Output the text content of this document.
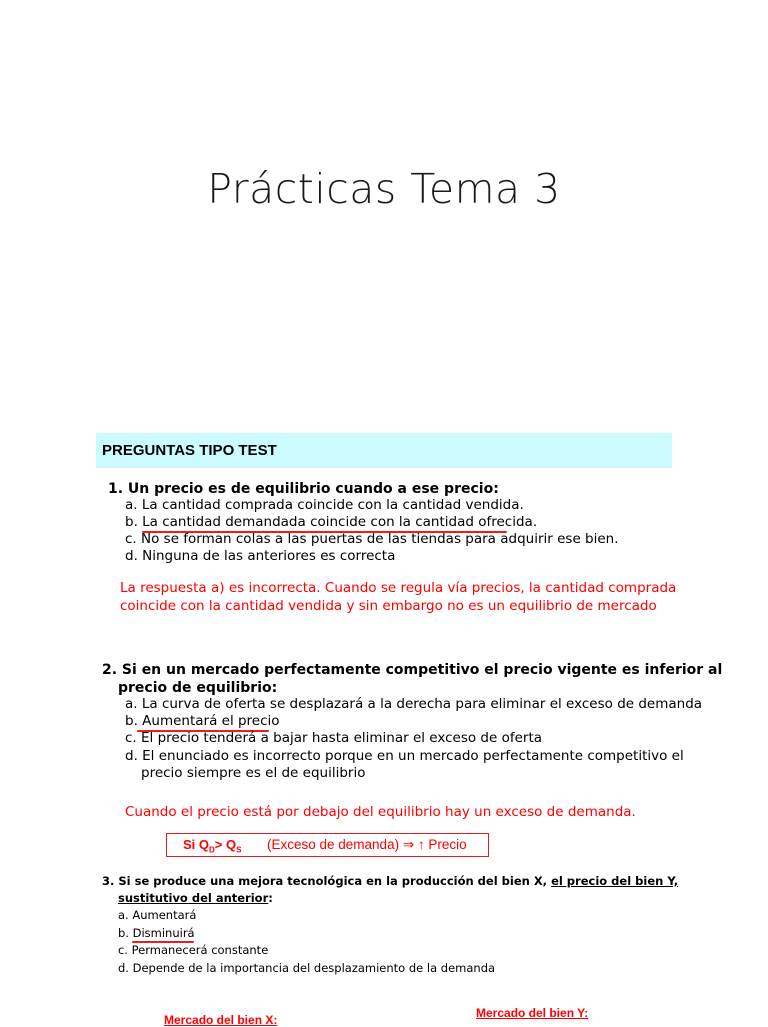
Prácticas Tema 3
PREGUNTAS TIPO TEST
1. Un precio es de equilibrio cuando a ese precio:
a. La cantidad comprada coincide con la cantidad vendida.
b. La cantidad demandada coincide con la cantidad ofrecida.
c. No se forman colas a las puertas de las tiendas para adquirir ese bien.
d. Ninguna de las anteriores es correcta
La respuesta a) es incorrecta. Cuando se regula vía precios, la cantidad comprada
coincide con la cantidad vendida y sin embargo no es un equilibrio de mercado
2. Si en un mercado perfectamente competitivo el precio vigente es inferior al
precio de equilibrio:
a. La curva de oferta se desplazará a la derecha para eliminar el exceso de demanda
b. Aumentará el precio
c. El precio tenderá a bajar hasta eliminar el exceso de oferta
d. El enunciado es incorrecto porque en un mercado perfectamente competitivo el
precio siempre es el de equilibrio
Cuando el precio está por debajo del equilibrio hay un exceso de demanda.
Si $Q_D> Q_S$ (Exceso de demanda) ⇒ ↑ Precio
3. Si se produce una mejora tecnológica en la producción del bien X, el precio del bien Y,
sustitutivo del anterior:
a. Aumentará
b. Disminuirá
c. Permanecerá constante
d. Depende de la importancia del desplazamiento de la demanda
Mercado del bien X:	Mercado del bien Y:
